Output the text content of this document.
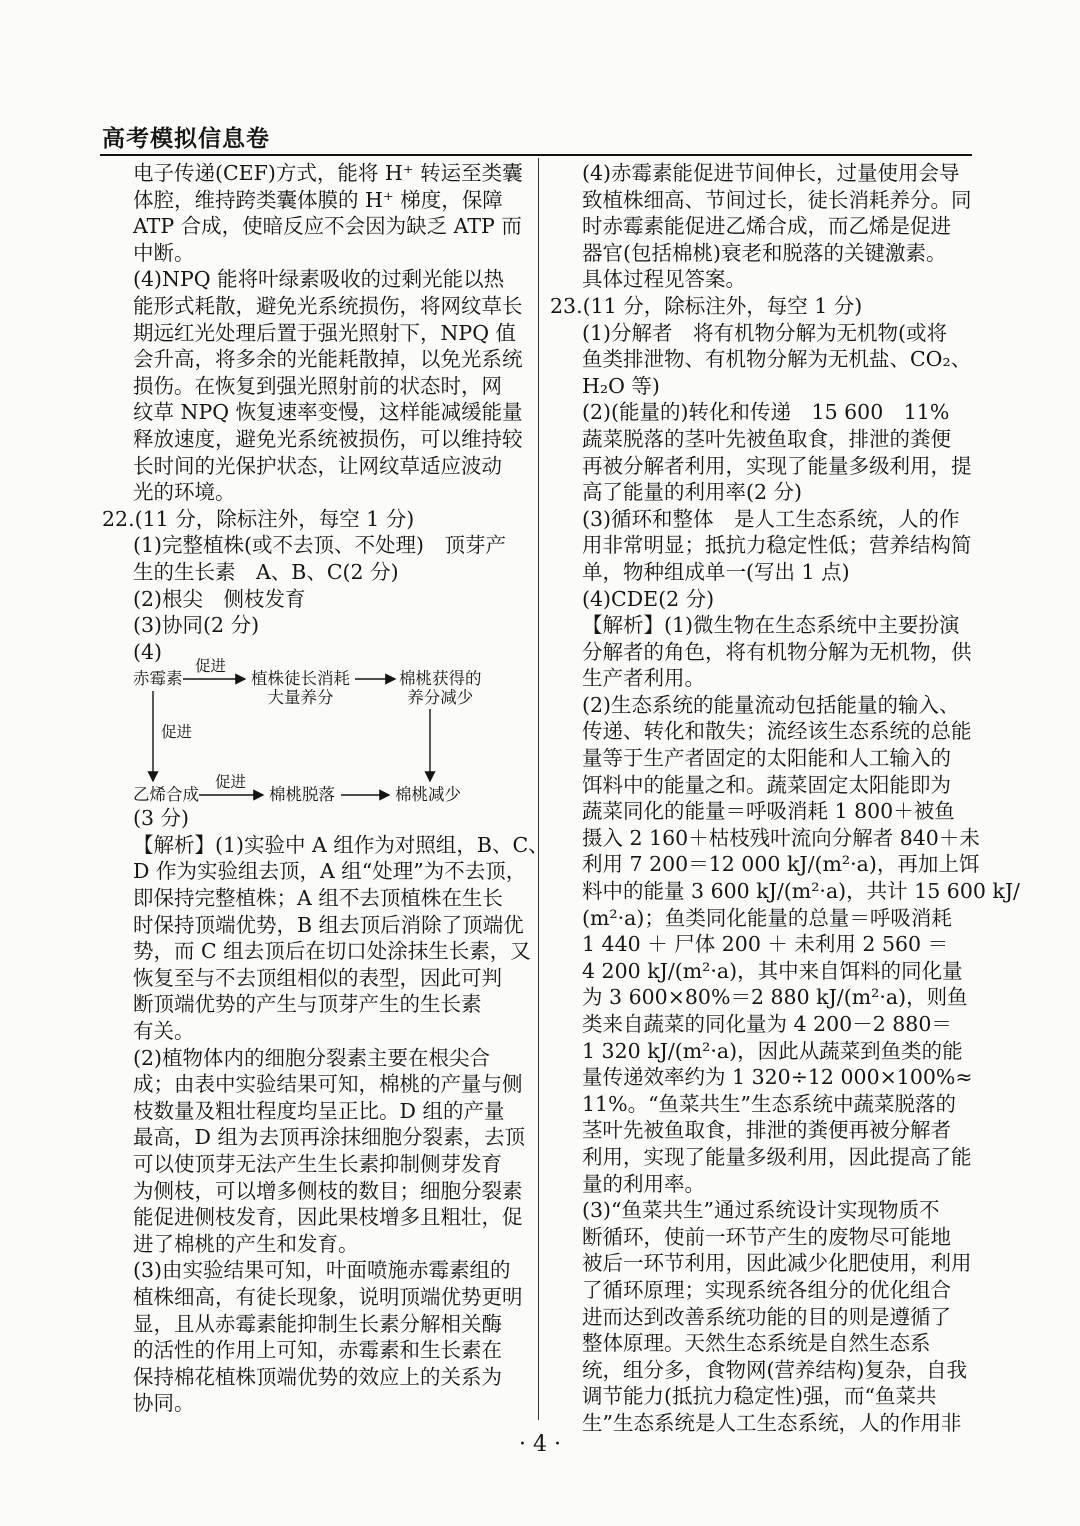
高考模拟信息卷
电子传递(CEF)方式，能将 H⁺ 转运至类囊
体腔，维持跨类囊体膜的 H⁺ 梯度，保障
ATP 合成，使暗反应不会因为缺乏 ATP 而
中断。
(4)NPQ 能将叶绿素吸收的过剩光能以热
能形式耗散，避免光系统损伤，将网纹草长
期远红光处理后置于强光照射下，NPQ 值
会升高，将多余的光能耗散掉，以免光系统
损伤。在恢复到强光照射前的状态时，网
纹草 NPQ 恢复速率变慢，这样能减缓能量
释放速度，避免光系统被损伤，可以维持较
长时间的光保护状态，让网纹草适应波动
光的环境。
22.(11 分，除标注外，每空 1 分)
(1)完整植株(或不去顶、不处理)　顶芽产
生的生长素　A、B、C(2 分)
(2)根尖　侧枝发育
(3)协同(2 分)
(4)
赤霉素
促进
植株徒长消耗
大量养分
棉桃获得的
养分减少
促进
乙烯合成
促进
棉桃脱落	棉桃减少
(3 分)
【解析】(1)实验中 A 组作为对照组，B、C、
D 作为实验组去顶，A 组“处理”为不去顶，
即保持完整植株；A 组不去顶植株在生长
时保持顶端优势，B 组去顶后消除了顶端优
势，而 C 组去顶后在切口处涂抹生长素，又
恢复至与不去顶组相似的表型，因此可判
断顶端优势的产生与顶芽产生的生长素
有关。
(2)植物体内的细胞分裂素主要在根尖合
成；由表中实验结果可知，棉桃的产量与侧
枝数量及粗壮程度均呈正比。D 组的产量
最高，D 组为去顶再涂抹细胞分裂素，去顶
可以使顶芽无法产生生长素抑制侧芽发育
为侧枝，可以增多侧枝的数目；细胞分裂素
能促进侧枝发育，因此果枝增多且粗壮，促
进了棉桃的产生和发育。
(3)由实验结果可知，叶面喷施赤霉素组的
植株细高，有徒长现象，说明顶端优势更明
显，且从赤霉素能抑制生长素分解相关酶
的活性的作用上可知，赤霉素和生长素在
保持棉花植株顶端优势的效应上的关系为
协同。
(4)赤霉素能促进节间伸长，过量使用会导
致植株细高、节间过长，徒长消耗养分。同
时赤霉素能促进乙烯合成，而乙烯是促进
器官(包括棉桃)衰老和脱落的关键激素。
具体过程见答案。
23.(11 分，除标注外，每空 1 分)
(1)分解者　将有机物分解为无机物(或将
鱼类排泄物、有机物分解为无机盐、CO₂、
H₂O 等)
(2)(能量的)转化和传递　15 600　11%
蔬菜脱落的茎叶先被鱼取食，排泄的粪便
再被分解者利用，实现了能量多级利用，提
高了能量的利用率(2 分)
(3)循环和整体　是人工生态系统，人的作
用非常明显；抵抗力稳定性低；营养结构简
单，物种组成单一(写出 1 点)
(4)CDE(2 分)
【解析】(1)微生物在生态系统中主要扮演
分解者的角色，将有机物分解为无机物，供
生产者利用。
(2)生态系统的能量流动包括能量的输入、
传递、转化和散失；流经该生态系统的总能
量等于生产者固定的太阳能和人工输入的
饵料中的能量之和。蔬菜固定太阳能即为
蔬菜同化的能量＝呼吸消耗 1 800＋被鱼
摄入 2 160＋枯枝残叶流向分解者 840＋未
利用 7 200＝12 000 kJ/(m²·a)，再加上饵
料中的能量 3 600 kJ/(m²·a)，共计 15 600 kJ/
(m²·a)；鱼类同化能量的总量＝呼吸消耗
1 440 ＋ 尸体 200 ＋ 未利用 2 560 ＝
4 200 kJ/(m²·a)，其中来自饵料的同化量
为 3 600×80%＝2 880 kJ/(m²·a)，则鱼
类来自蔬菜的同化量为 4 200－2 880＝
1 320 kJ/(m²·a)，因此从蔬菜到鱼类的能
量传递效率约为 1 320÷12 000×100%≈
11%。“鱼菜共生”生态系统中蔬菜脱落的
茎叶先被鱼取食，排泄的粪便再被分解者
利用，实现了能量多级利用，因此提高了能
量的利用率。
(3)“鱼菜共生”通过系统设计实现物质不
断循环，使前一环节产生的废物尽可能地
被后一环节利用，因此减少化肥使用，利用
了循环原理；实现系统各组分的优化组合
进而达到改善系统功能的目的则是遵循了
整体原理。天然生态系统是自然生态系
统，组分多，食物网(营养结构)复杂，自我
调节能力(抵抗力稳定性)强，而“鱼菜共
生”生态系统是人工生态系统，人的作用非
· 4 ·
